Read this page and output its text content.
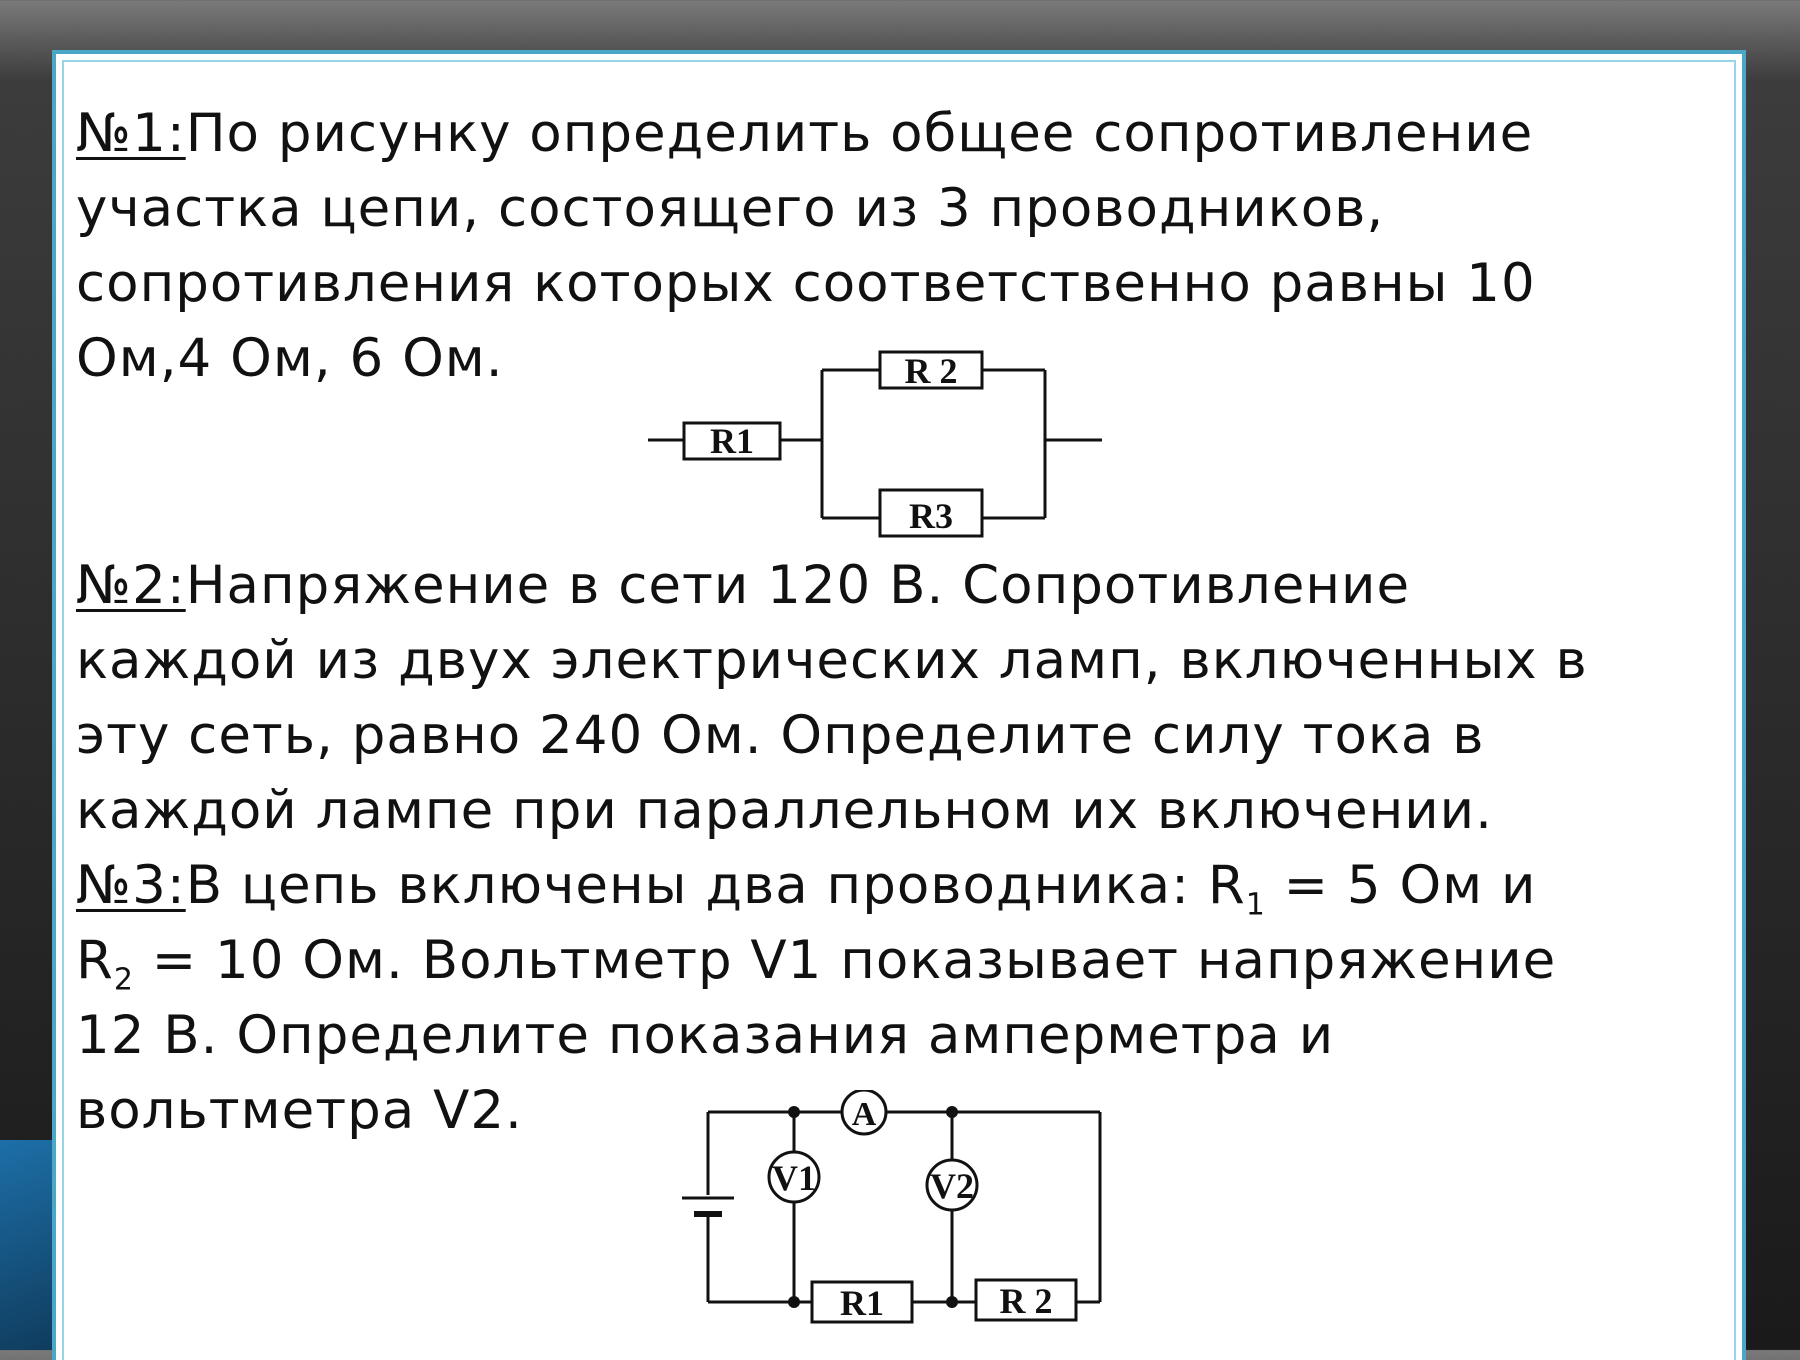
№1:По рисунку определить общее сопротивление

участка цепи, состоящего из 3 проводников,

сопротивления которых соответственно равны 10

Ом,4 Ом, 6 Ом.

R1
R 2
R3

№2:Напряжение в сети 120 В. Сопротивление

каждой из двух электрических ламп, включенных в

эту сеть, равно 240 Ом. Определите силу тока в

каждой лампе при параллельном их включении.

№3:В цепь включены два проводника: $R_1 = 5$ Ом и

$R_2 = 10$ Ом. Вольтметр V1 показывает напряжение

12 В. Определите показания амперметра и

вольтметра V2.	A
V1	V2
R1	R 2
